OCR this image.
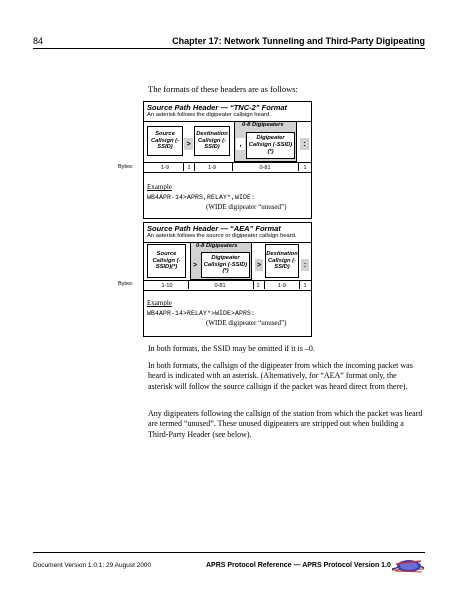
84	Chapter 17: Network Tunneling and Third-Party Digipeating
The formats of these headers are as follows:
Source Path Header — “TNC-2” Format
An asterisk follows the digipeater callsign heard.
Source Callsign (-SSID)	>
Destination Callsign (-SSID)
0-8 Digipeaters
,
Digipeater Callsign (-SSID)(*)
:
1-9	1	1-9	0-81	1
Example
WB4APR-14>APRS,RELAY*,WIDE:
(WIDE digipeater “unused”)
Bytes:
Source Path Header — “AEA” Format
An asterisk follows the source or digipeater callsign heard.
Source Callsign (-SSID)(*)
0-8 Digipeaters
>
Digipeater Callsign (-SSID)(*)
>
Destination Callsign (-SSID)	:
1-10	0-81	1	1-9	1
Example
WB4APR-14>RELAY*>WIDE>APRS:
(WIDE digipeater “unused”)
Bytes:
In both formats, the SSID may be omitted if it is –0.
In both formats, the callsign of the digipeater from which the incoming packet was heard is indicated with an asterisk. (Alternatively, for “AEA” format only, the asterisk will follow the source callsign if the packet was heard direct from there).
Any digipeaters following the callsign of the station from which the packet was heard are termed “unused”. These unused digipeaters are stripped out when building a Third-Party Header (see below).
Document Version 1.0.1: 29 August 2000	APRS Protocol Reference — APRS Protocol Version 1.0
